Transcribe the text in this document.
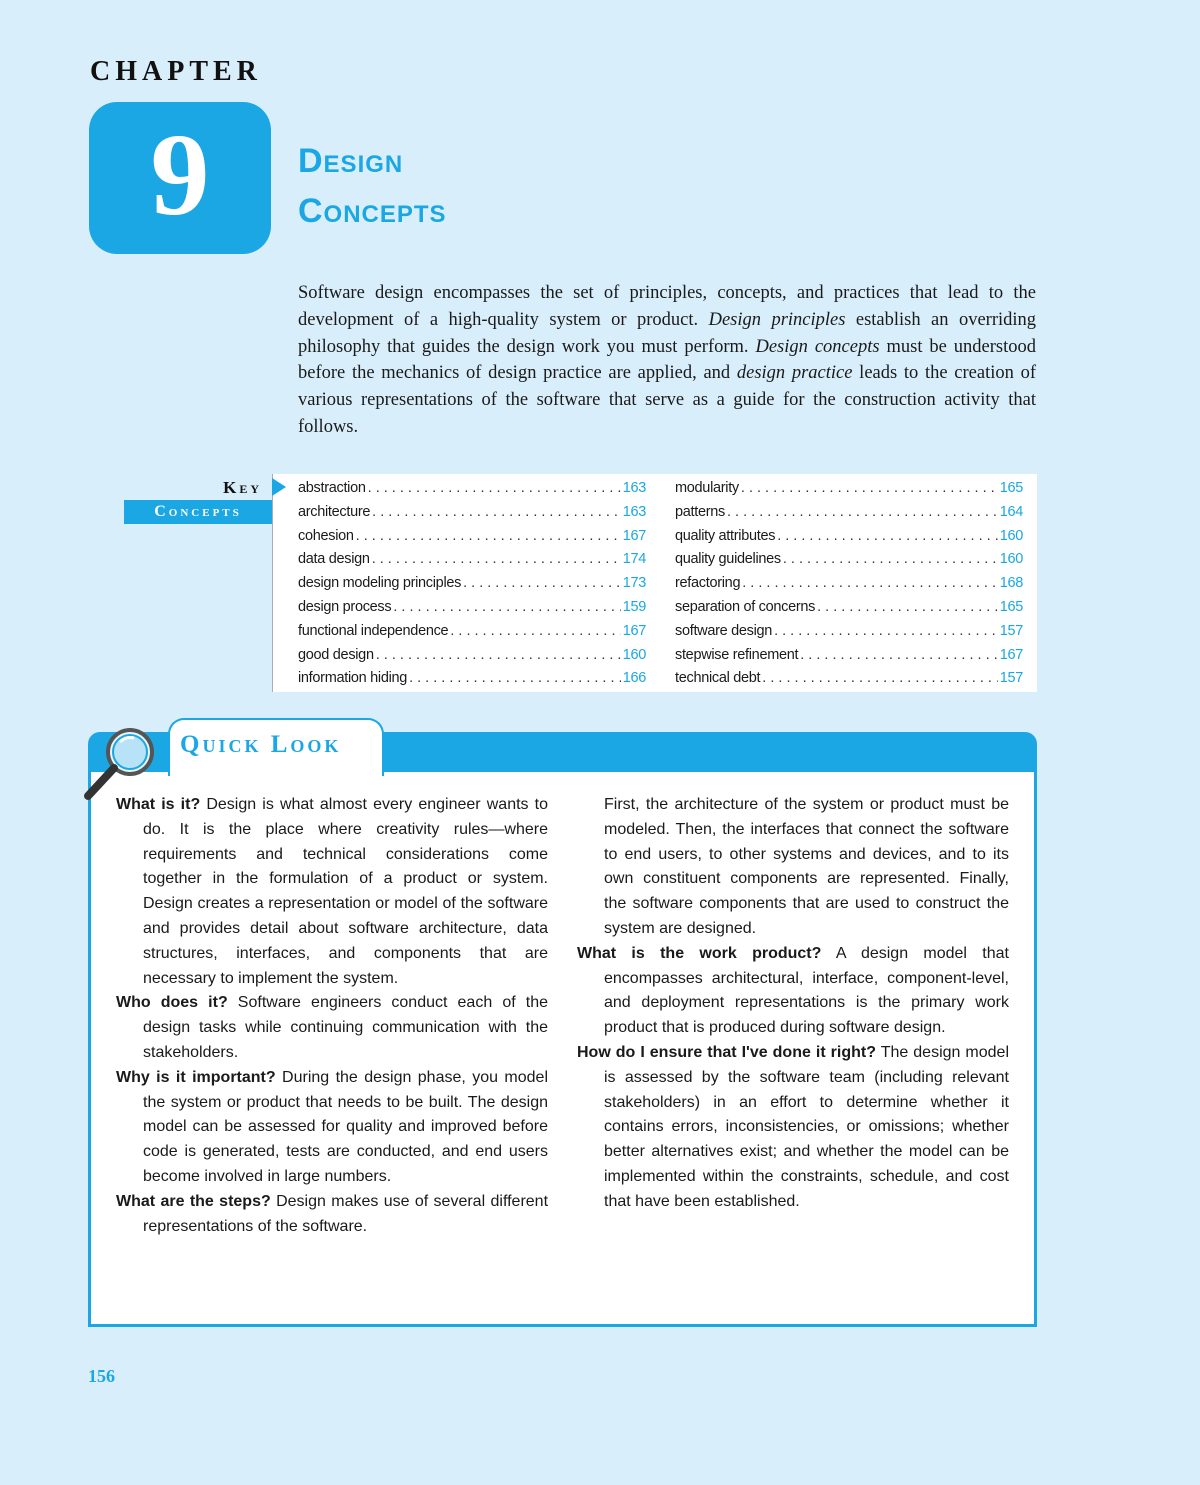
CHAPTER
9	Design
Concepts

Software design encompasses the set of principles, concepts, and practices that lead to the development of a high-quality system or product. Design principles establish an overriding philosophy that guides the design work you must perform. Design concepts must be understood before the mechanics of design practice are applied, and design practice leads to the creation of various representations of the software that serve as a guide for the construction activity that follows.

Key
Concepts
abstraction . . .	163
architecture . . .	163
cohesion . . .	167
data design . . .	174
design modeling principles . . .	173
design process . . .	159
functional independence . . .	167
good design . . .	160
information hiding . . .	166
modularity . . .	165
patterns . . .	164
quality attributes . . .	160
quality guidelines . . .	160
refactoring . . .	168
separation of concerns . . .	165
software design . . .	157
stepwise refinement . . .	167
technical debt . . .	157
Quick Look
What is it? Design is what almost every engineer wants to do. It is the place where creativity rules—where requirements and technical considerations come together in the formulation of a product or system. Design creates a representation or model of the software and provides detail about software architecture, data structures, interfaces, and components that are necessary to implement the system.
Who does it? Software engineers conduct each of the design tasks while continuing communication with the stakeholders.
Why is it important? During the design phase, you model the system or product that needs to be built. The design model can be assessed for quality and improved before code is generated, tests are conducted, and end users become involved in large numbers.
What are the steps? Design makes use of several different representations of the software.
First, the architecture of the system or product must be modeled. Then, the interfaces that connect the software to end users, to other systems and devices, and to its own constituent components are represented. Finally, the software components that are used to construct the system are designed.
What is the work product? A design model that encompasses architectural, interface, component-level, and deployment representations is the primary work product that is produced during software design.
How do I ensure that I've done it right? The design model is assessed by the software team (including relevant stakeholders) in an effort to determine whether it contains errors, inconsistencies, or omissions; whether better alternatives exist; and whether the model can be implemented within the constraints, schedule, and cost that have been established.
156
